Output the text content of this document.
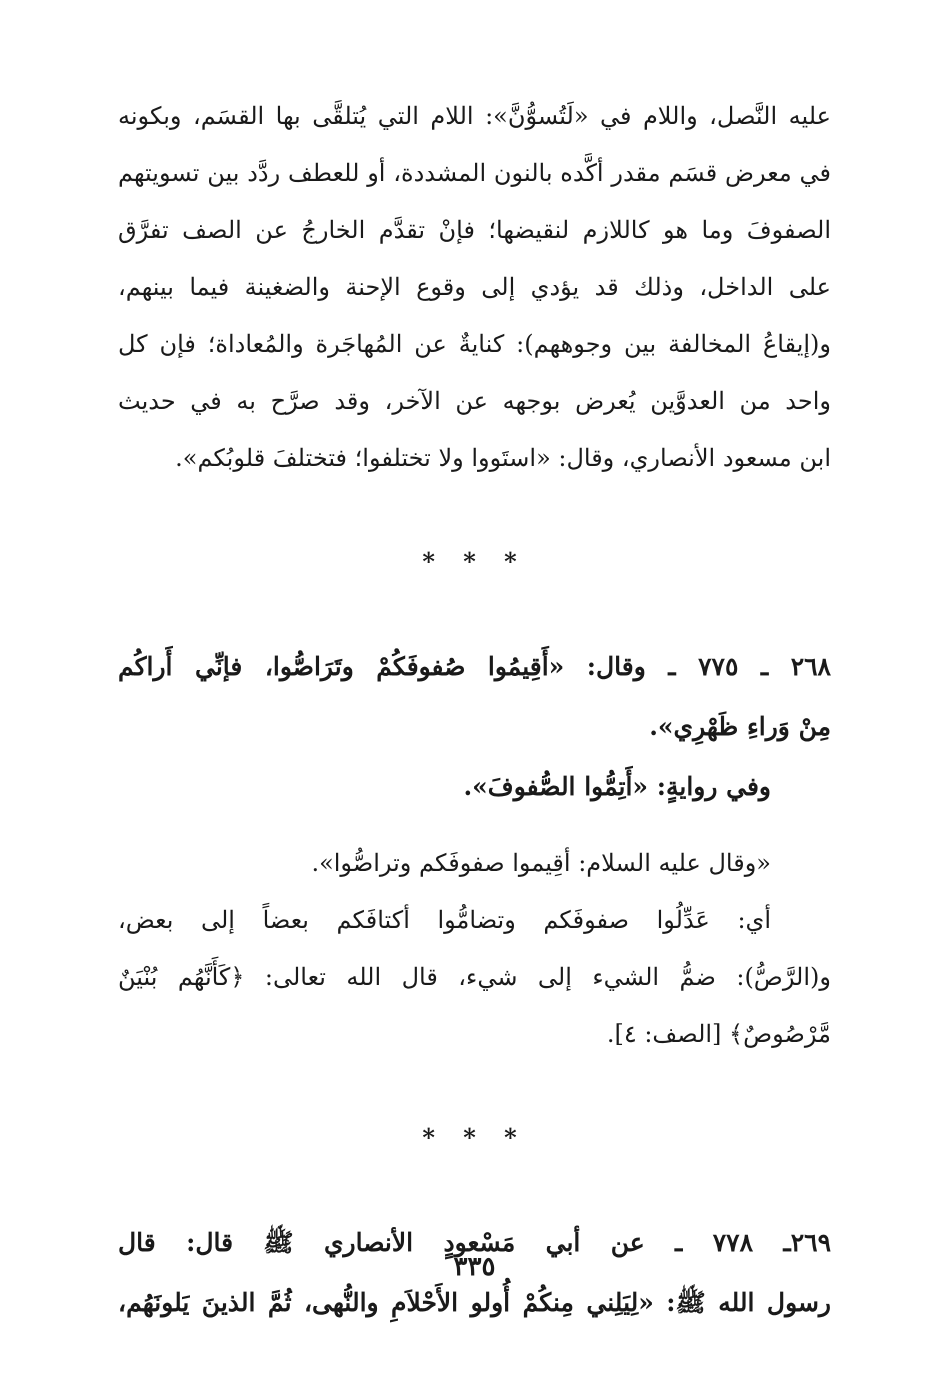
عليه النَّصل، واللام في «لَتُسوُّنَّ»: اللام التي يُتلقَّى بها القسَم، وبكونه
في معرض قسَم مقدر أكَّده بالنون المشددة، أو للعطف ردَّد بين تسويتهم
الصفوفَ وما هو كاللازم لنقيضها؛ فإنْ تقدَّم الخارجُ عن الصف تفرَّق
على الداخل، وذلك قد يؤدي إلى وقوع الإحنة والضغينة فيما بينهم،
و(إيقاعُ المخالفة بين وجوههم): كنايةٌ عن المُهاجَرة والمُعاداة؛ فإن كل
واحد من العدوَّين يُعرض بوجهه عن الآخر، وقد صرَّح به في حديث
ابن مسعود الأنصاري، وقال: «استَووا ولا تختلفوا؛ فتختلفَ قلوبُكم».
* * *
٢٦٨ ـ ٧٧٥ ـ وقال: «أَقِيمُوا صُفوفَكُمْ وتَرَاصُّوا، فإنِّي أَراكُم
مِنْ وَراءِ ظَهْرِي».
وفي روايةٍ: «أَتِمُّوا الصُّفوفَ».
«وقال عليه السلام: أقِيموا صفوفَكم وتراصُّوا».
أي: عَدِّلُوا صفوفَكم وتضامُّوا أكتافَكم بعضاً إلى بعض،
و(الرَّصُّ): ضمُّ الشيء إلى شيء، قال الله تعالى: ﴿كَأَنَّهُم بُنْيَنٌ
مَّرْصُوصٌ﴾ [الصف: ٤].
* * *
٢٦٩ـ ٧٧٨ ـ عن أبي مَسْعودٍ الأنصاري ﷺ قال: قال
رسول الله ﷺ: «لِيَلِني مِنكُمْ أُولو الأَحْلاَمِ والنُّهى، ثُمَّ الذينَ يَلونَهُم،
٣٣٥
